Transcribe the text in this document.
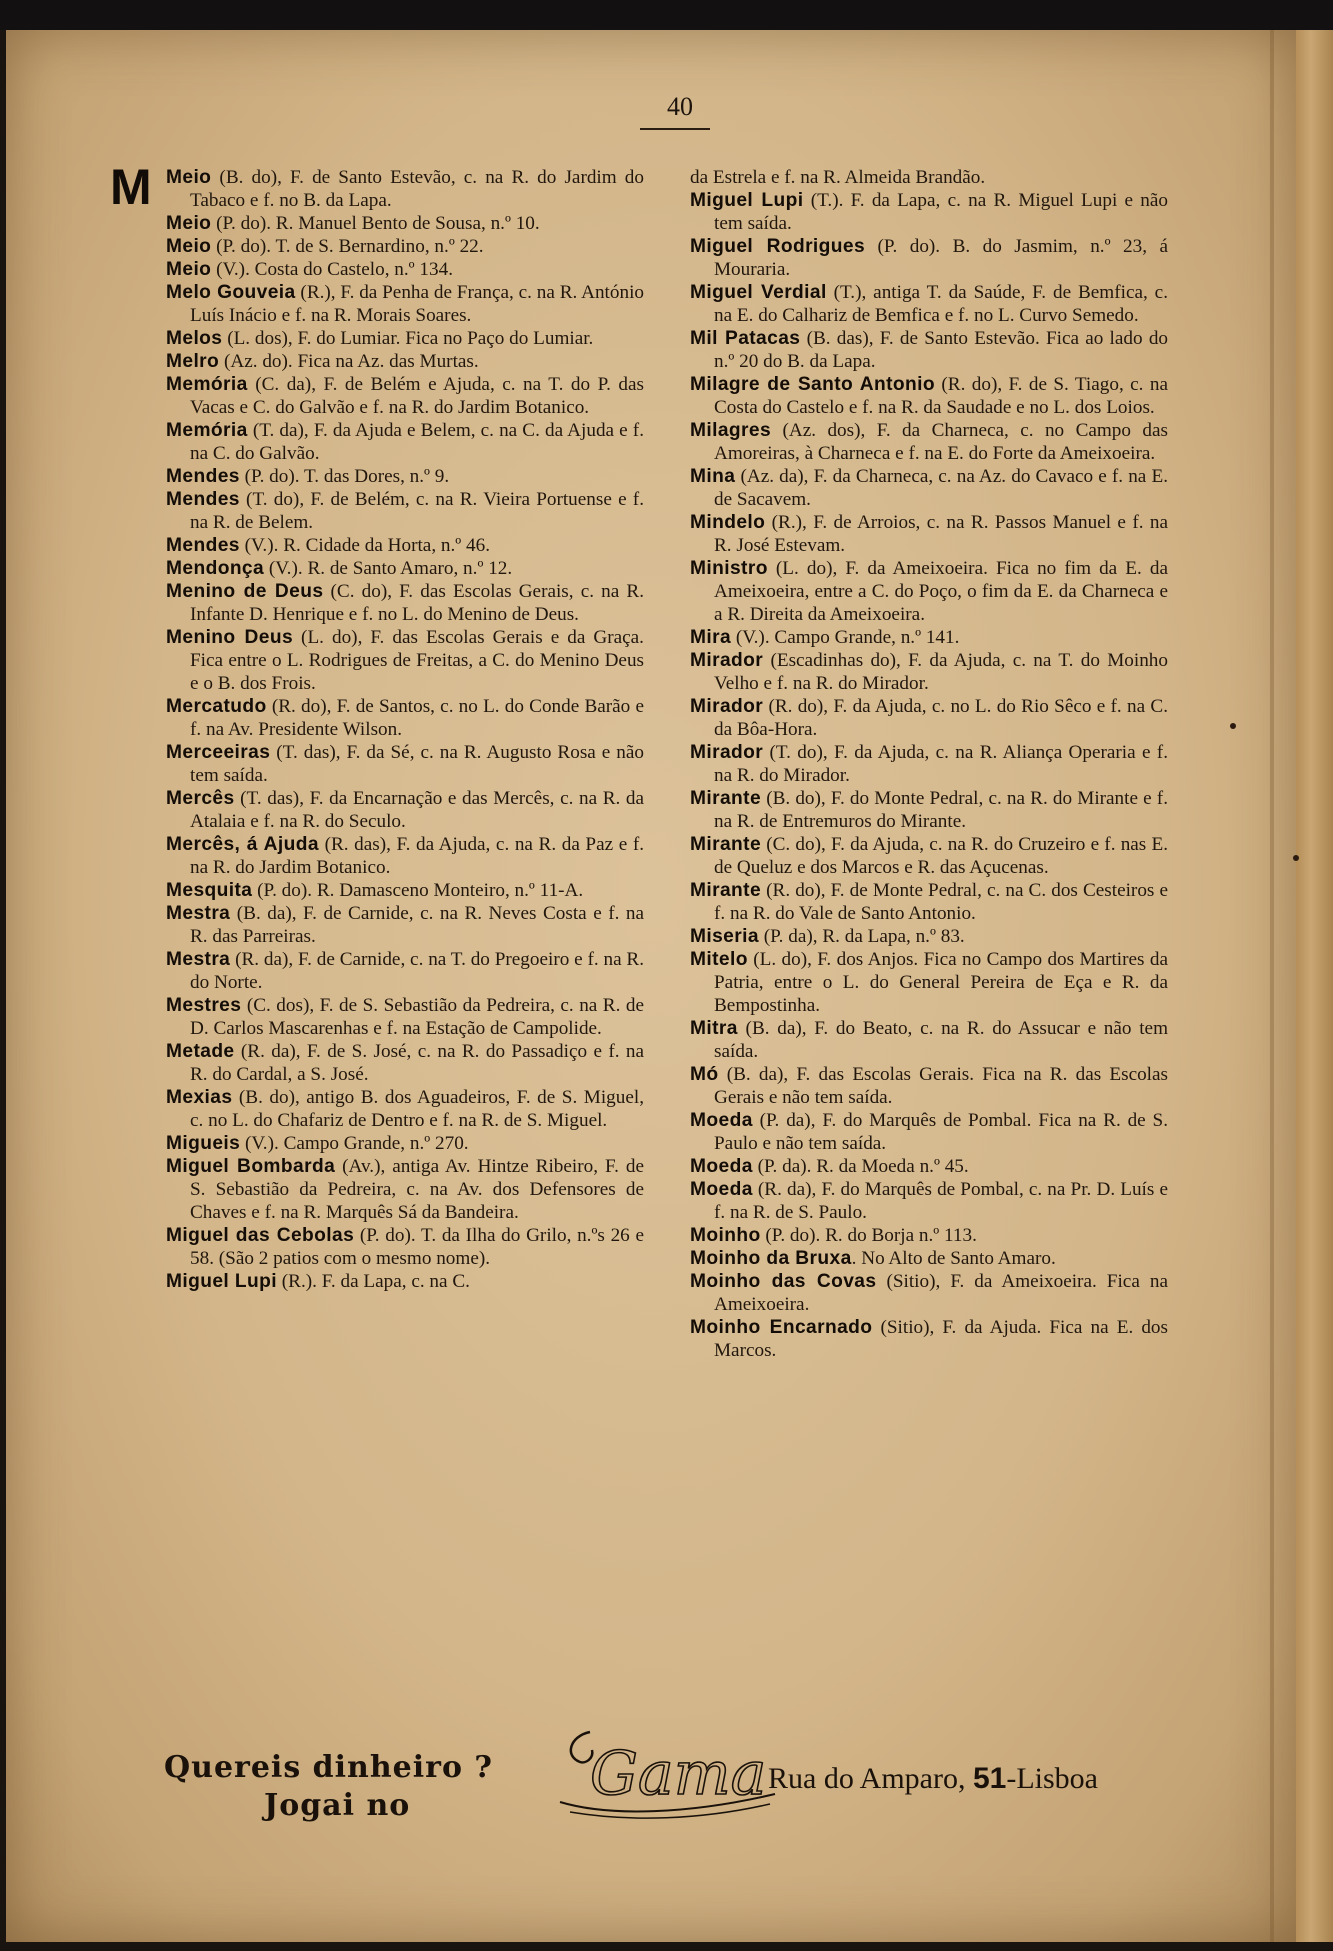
40
M Meio (B. do), F. de Santo Estevão, c. na R. do Jardim do Tabaco e f. no B. da Lapa.

Meio (P. do). R. Manuel Bento de Sousa, n.º 10.

Meio (P. do). T. de S. Bernardino, n.º 22.

Meio (V.). Costa do Castelo, n.º 134.

Melo Gouveia (R.), F. da Penha de França, c. na R. António Luís Inácio e f. na R. Morais Soares.

Melos (L. dos), F. do Lumiar. Fica no Paço do Lumiar.

Melro (Az. do). Fica na Az. das Murtas.

Memória (C. da), F. de Belém e Ajuda, c. na T. do P. das Vacas e C. do Galvão e f. na R. do Jardim Botanico.

Memória (T. da), F. da Ajuda e Belem, c. na C. da Ajuda e f. na C. do Galvão.

Mendes (P. do). T. das Dores, n.º 9.

Mendes (T. do), F. de Belém, c. na R. Vieira Portuense e f. na R. de Belem.

Mendes (V.). R. Cidade da Horta, n.º 46.

Mendonça (V.). R. de Santo Amaro, n.º 12.

Menino de Deus (C. do), F. das Escolas Gerais, c. na R. Infante D. Henrique e f. no L. do Menino de Deus.

Menino Deus (L. do), F. das Escolas Gerais e da Graça. Fica entre o L. Rodrigues de Freitas, a C. do Menino Deus e o B. dos Frois.

Mercatudo (R. do), F. de Santos, c. no L. do Conde Barão e f. na Av. Presidente Wilson.

Merceeiras (T. das), F. da Sé, c. na R. Augusto Rosa e não tem saída.

Mercês (T. das), F. da Encarnação e das Mercês, c. na R. da Atalaia e f. na R. do Seculo.

Mercês, á Ajuda (R. das), F. da Ajuda, c. na R. da Paz e f. na R. do Jardim Botanico.

Mesquita (P. do). R. Damasceno Monteiro, n.º 11-A.

Mestra (B. da), F. de Carnide, c. na R. Neves Costa e f. na R. das Parreiras.

Mestra (R. da), F. de Carnide, c. na T. do Pregoeiro e f. na R. do Norte.

Mestres (C. dos), F. de S. Sebastião da Pedreira, c. na R. de D. Carlos Mascarenhas e f. na Estação de Campolide.

Metade (R. da), F. de S. José, c. na R. do Passadiço e f. na R. do Cardal, a S. José.

Mexias (B. do), antigo B. dos Aguadeiros, F. de S. Miguel, c. no L. do Chafariz de Dentro e f. na R. de S. Miguel.

Migueis (V.). Campo Grande, n.º 270.

Miguel Bombarda (Av.), antiga Av. Hintze Ribeiro, F. de S. Sebastião da Pedreira, c. na Av. dos Defensores de Chaves e f. na R. Marquês Sá da Bandeira.

Miguel das Cebolas (P. do). T. da Ilha do Grilo, n.ºs 26 e 58. (São 2 patios com o mesmo nome).

Miguel Lupi (R.). F. da Lapa, c. na C.

da Estrela e f. na R. Almeida Brandão.

Miguel Lupi (T.). F. da Lapa, c. na R. Miguel Lupi e não tem saída.

Miguel Rodrigues (P. do). B. do Jasmim, n.º 23, á Mouraria.

Miguel Verdial (T.), antiga T. da Saúde, F. de Bemfica, c. na E. do Calhariz de Bemfica e f. no L. Curvo Semedo.

Mil Patacas (B. das), F. de Santo Estevão. Fica ao lado do n.º 20 do B. da Lapa.

Milagre de Santo Antonio (R. do), F. de S. Tiago, c. na Costa do Castelo e f. na R. da Saudade e no L. dos Loios.

Milagres (Az. dos), F. da Charneca, c. no Campo das Amoreiras, à Charneca e f. na E. do Forte da Ameixoeira.

Mina (Az. da), F. da Charneca, c. na Az. do Cavaco e f. na E. de Sacavem.

Mindelo (R.), F. de Arroios, c. na R. Passos Manuel e f. na R. José Estevam.

Ministro (L. do), F. da Ameixoeira. Fica no fim da E. da Ameixoeira, entre a C. do Poço, o fim da E. da Charneca e a R. Direita da Ameixoeira.

Mira (V.). Campo Grande, n.º 141.

Mirador (Escadinhas do), F. da Ajuda, c. na T. do Moinho Velho e f. na R. do Mirador.

Mirador (R. do), F. da Ajuda, c. no L. do Rio Sêco e f. na C. da Bôa-Hora.

Mirador (T. do), F. da Ajuda, c. na R. Aliança Operaria e f. na R. do Mirador.

Mirante (B. do), F. do Monte Pedral, c. na R. do Mirante e f. na R. de Entremuros do Mirante.

Mirante (C. do), F. da Ajuda, c. na R. do Cruzeiro e f. nas E. de Queluz e dos Marcos e R. das Açucenas.

Mirante (R. do), F. de Monte Pedral, c. na C. dos Cesteiros e f. na R. do Vale de Santo Antonio.

Miseria (P. da), R. da Lapa, n.º 83.

Mitelo (L. do), F. dos Anjos. Fica no Campo dos Martires da Patria, entre o L. do General Pereira de Eça e R. da Bempostinha.

Mitra (B. da), F. do Beato, c. na R. do Assucar e não tem saída.

Mó (B. da), F. das Escolas Gerais. Fica na R. das Escolas Gerais e não tem saída.

Moeda (P. da), F. do Marquês de Pombal. Fica na R. de S. Paulo e não tem saída.

Moeda (P. da). R. da Moeda n.º 45.

Moeda (R. da), F. do Marquês de Pombal, c. na Pr. D. Luís e f. na R. de S. Paulo.

Moinho (P. do). R. do Borja n.º 113.

Moinho da Bruxa. No Alto de Santo Amaro.

Moinho das Covas (Sitio), F. da Ameixoeira. Fica na Ameixoeira.

Moinho Encarnado (Sitio), F. da Ajuda. Fica na E. dos Marcos.

Quereis dinheiro ?
Jogai no	Gama Rua do Amparo, 51-Lisboa
